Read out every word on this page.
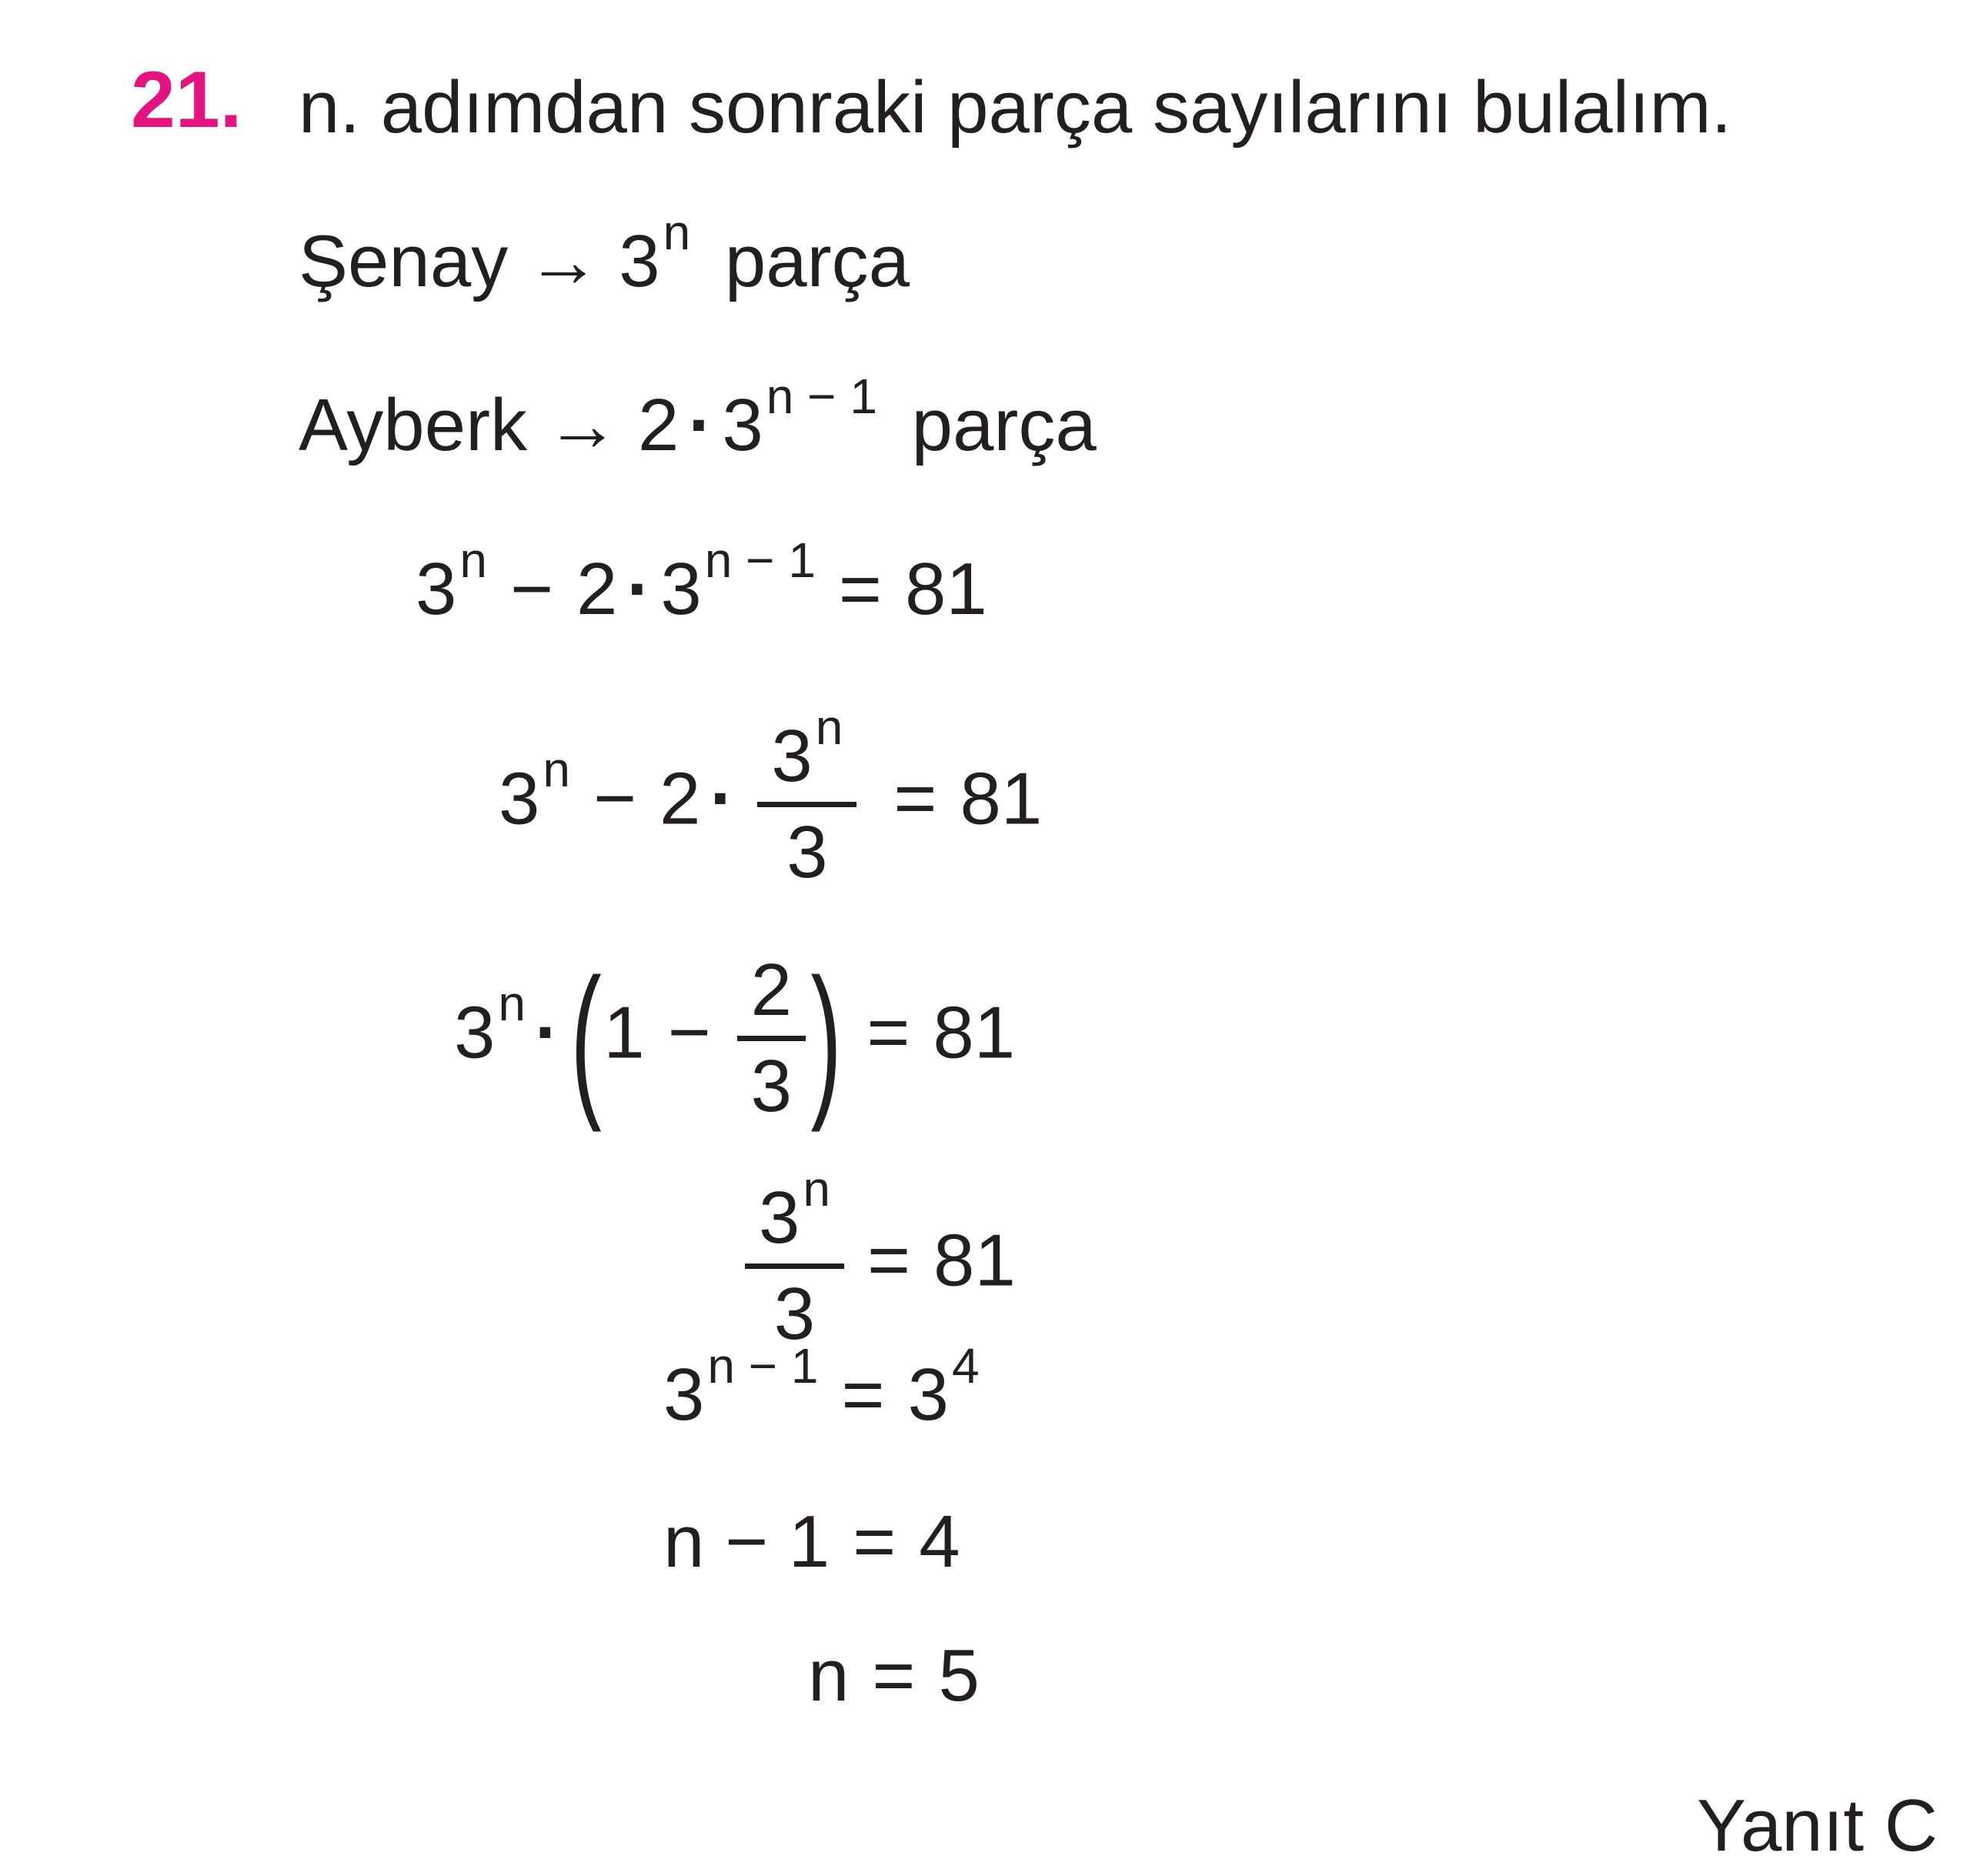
21. n. adımdan sonraki parça sayılarını bulalım.
Şenay → $3^n$ parça
Ayberk → $2 \cdot 3^{n - 1}$ parça
$3^n - 2 \cdot 3^{n - 1} = 81$
$3^n - 2 \cdot \frac{3^n}{3} = 81$
$3^n \cdot(1 - \frac{2}{3}$ ) = 81
$\frac{3^n}{3} = 81$
$3^{n - 1} = 3^4$
n − 1 = 4
n = 5
Yanıt C
